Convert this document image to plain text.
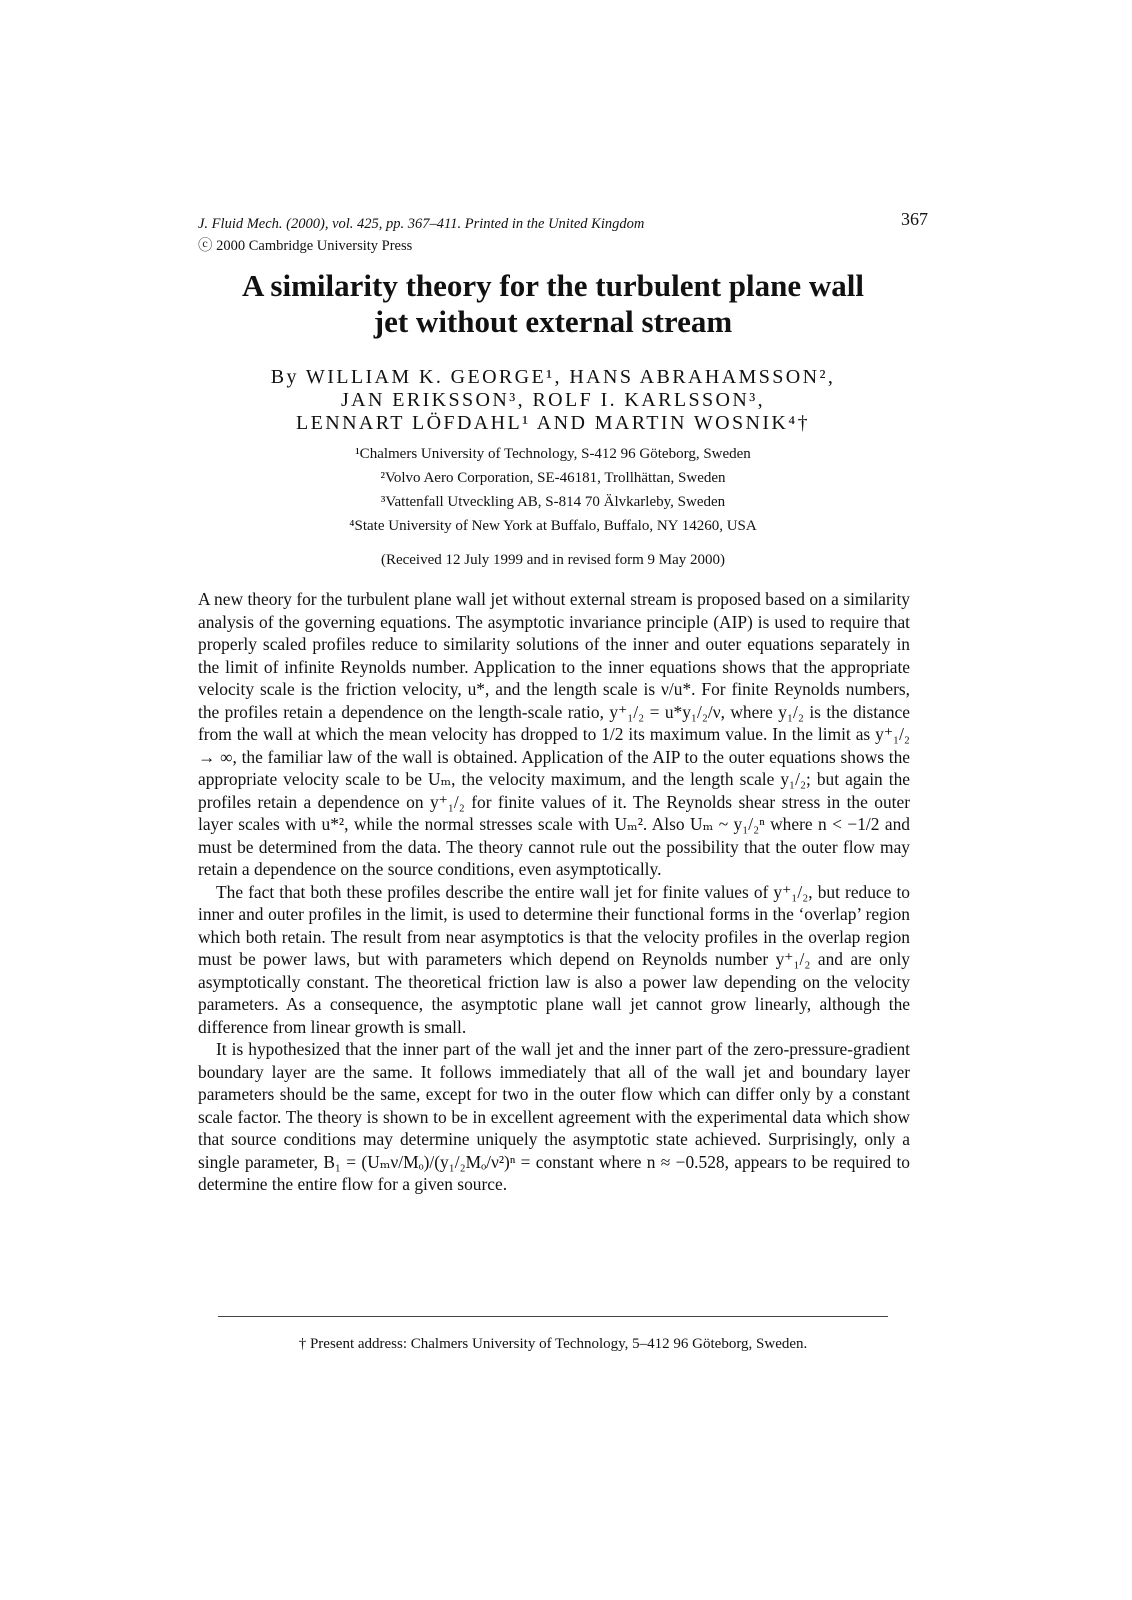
J. Fluid Mech. (2000), vol. 425, pp. 367–411. Printed in the United Kingdom
ⓒ 2000 Cambridge University Press
367
A similarity theory for the turbulent plane wall
jet without external stream
By WILLIAM K. GEORGE¹, HANS ABRAHAMSSON²,
JAN ERIKSSON³, ROLF I. KARLSSON³,
LENNART LÖFDAHL¹ AND MARTIN WOSNIK⁴†
¹Chalmers University of Technology, S-412 96 Göteborg, Sweden
²Volvo Aero Corporation, SE-46181, Trollhättan, Sweden
³Vattenfall Utveckling AB, S-814 70 Älvkarleby, Sweden
⁴State University of New York at Buffalo, Buffalo, NY 14260, USA
(Received 12 July 1999 and in revised form 9 May 2000)

A new theory for the turbulent plane wall jet without external stream is proposed based on a similarity analysis of the governing equations. The asymptotic invariance principle (AIP) is used to require that properly scaled profiles reduce to similarity solutions of the inner and outer equations separately in the limit of infinite Reynolds number. Application to the inner equations shows that the appropriate velocity scale is the friction velocity, u*, and the length scale is ν/u*. For finite Reynolds numbers, the profiles retain a dependence on the length-scale ratio, y⁺₁/₂ = u*y₁/₂/ν, where y₁/₂ is the distance from the wall at which the mean velocity has dropped to 1/2 its maximum value. In the limit as y⁺₁/₂ → ∞, the familiar law of the wall is obtained. Application of the AIP to the outer equations shows the appropriate velocity scale to be Uₘ, the velocity maximum, and the length scale y₁/₂; but again the profiles retain a dependence on y⁺₁/₂ for finite values of it. The Reynolds shear stress in the outer layer scales with u*², while the normal stresses scale with Uₘ². Also Uₘ ~ y₁/₂ⁿ where n < −1/2 and must be determined from the data. The theory cannot rule out the possibility that the outer flow may retain a dependence on the source conditions, even asymptotically.

The fact that both these profiles describe the entire wall jet for finite values of y⁺₁/₂, but reduce to inner and outer profiles in the limit, is used to determine their functional forms in the ‘overlap’ region which both retain. The result from near asymptotics is that the velocity profiles in the overlap region must be power laws, but with parameters which depend on Reynolds number y⁺₁/₂ and are only asymptotically constant. The theoretical friction law is also a power law depending on the velocity parameters. As a consequence, the asymptotic plane wall jet cannot grow linearly, although the difference from linear growth is small.

It is hypothesized that the inner part of the wall jet and the inner part of the zero-pressure-gradient boundary layer are the same. It follows immediately that all of the wall jet and boundary layer parameters should be the same, except for two in the outer flow which can differ only by a constant scale factor. The theory is shown to be in excellent agreement with the experimental data which show that source conditions may determine uniquely the asymptotic state achieved. Surprisingly, only a single parameter, B₁ = (Uₘν/Mₒ)/(y₁/₂Mₒ/ν²)ⁿ = constant where n ≈ −0.528, appears to be required to determine the entire flow for a given source.

† Present address: Chalmers University of Technology, 5–412 96 Göteborg, Sweden.
